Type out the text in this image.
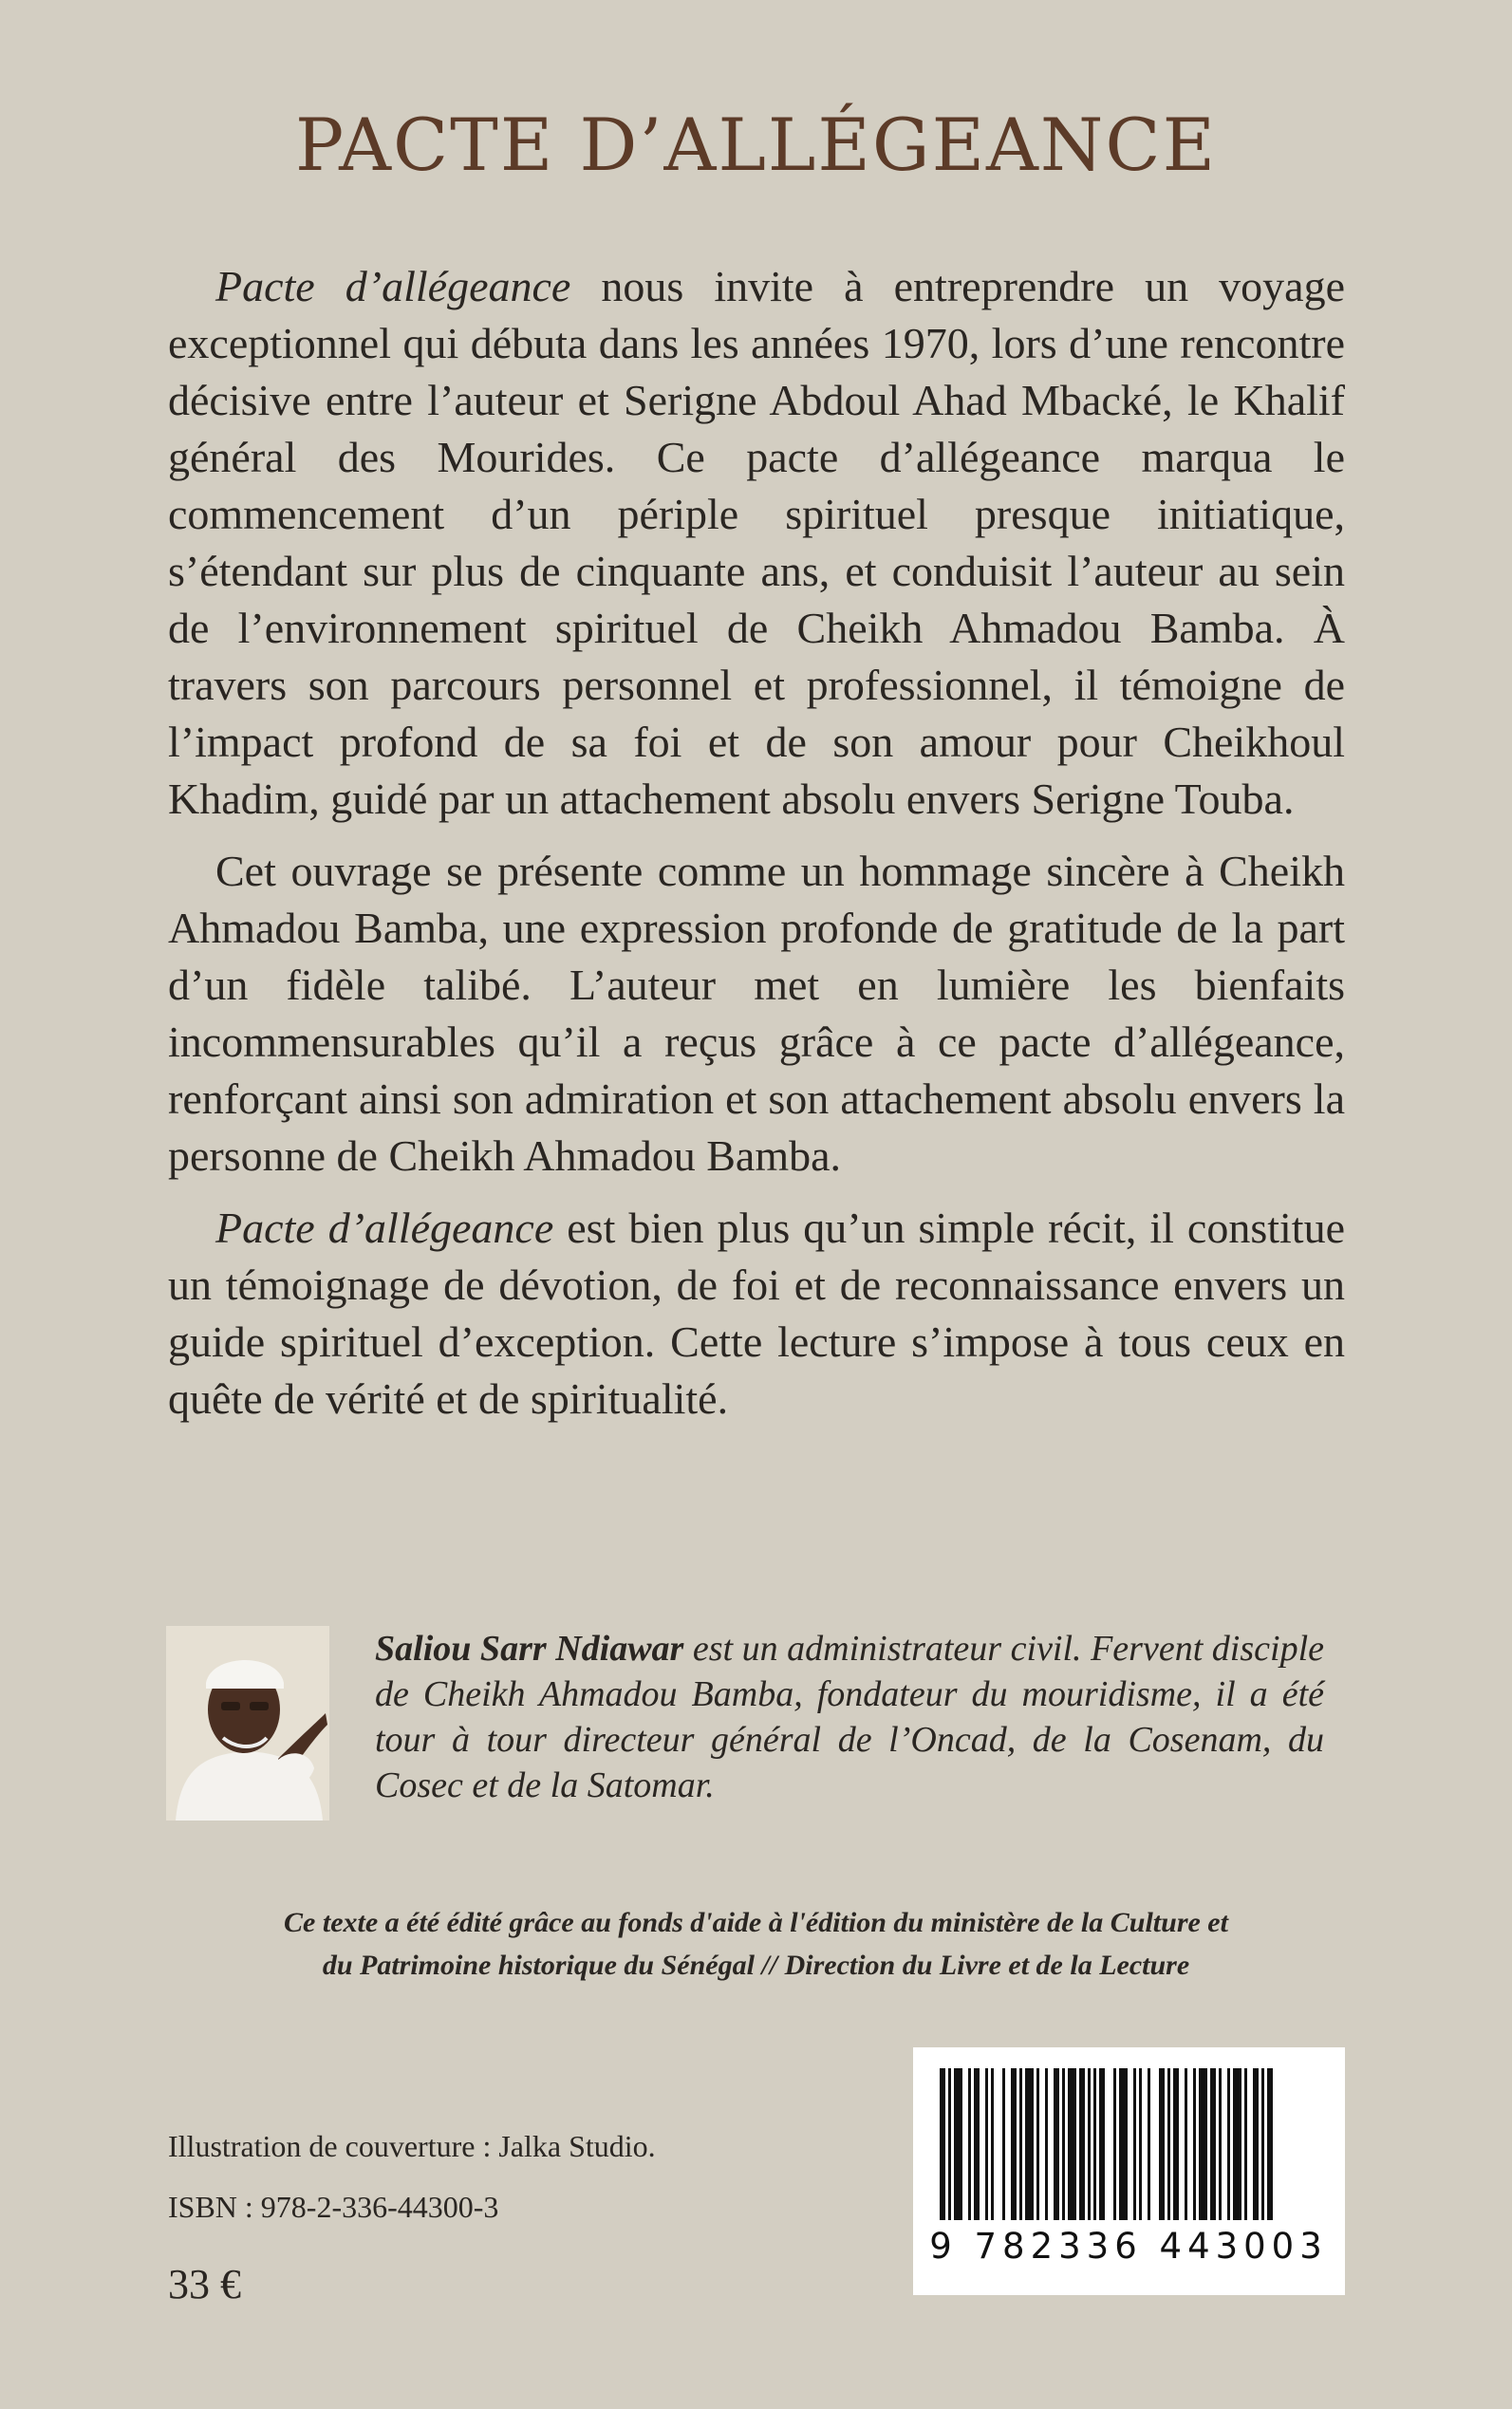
PACTE D’ALLÉGEANCE

Pacte d’allégeance nous invite à entreprendre un voyage exceptionnel qui débuta dans les années 1970, lors d’une rencontre décisive entre l’auteur et Serigne Abdoul Ahad Mbacké, le Khalif général des Mourides. Ce pacte d’allégeance marqua le commencement d’un périple spirituel presque initiatique, s’étendant sur plus de cinquante ans, et conduisit l’auteur au sein de l’environnement spirituel de Cheikh Ahmadou Bamba. À travers son parcours personnel et professionnel, il témoigne de l’impact profond de sa foi et de son amour pour Cheikhoul Khadim, guidé par un attachement absolu envers Serigne Touba.

Cet ouvrage se présente comme un hommage sincère à Cheikh Ahmadou Bamba, une expression profonde de gratitude de la part d’un fidèle talibé. L’auteur met en lumière les bienfaits incommensurables qu’il a reçus grâce à ce pacte d’allégeance, renforçant ainsi son admiration et son attachement absolu envers la personne de Cheikh Ahmadou Bamba.

Pacte d’allégeance est bien plus qu’un simple récit, il constitue un témoignage de dévotion, de foi et de reconnaissance envers un guide spirituel d’exception. Cette lecture s’impose à tous ceux en quête de vérité et de spiritualité.

Saliou Sarr Ndiawar est un administrateur civil. Fervent disciple de Cheikh Ahmadou Bamba, fondateur du mouridisme, il a été tour à tour directeur général de l’Oncad, de la Cosenam, du Cosec et de la Satomar.
Ce texte a été édité grâce au fonds d'aide à l'édition du ministère de la Culture et
du Patrimoine historique du Sénégal // Direction du Livre et de la Lecture
Illustration de couverture : Jalka Studio.
ISBN : 978-2-336-44300-3
33 €
9 782336 443003
